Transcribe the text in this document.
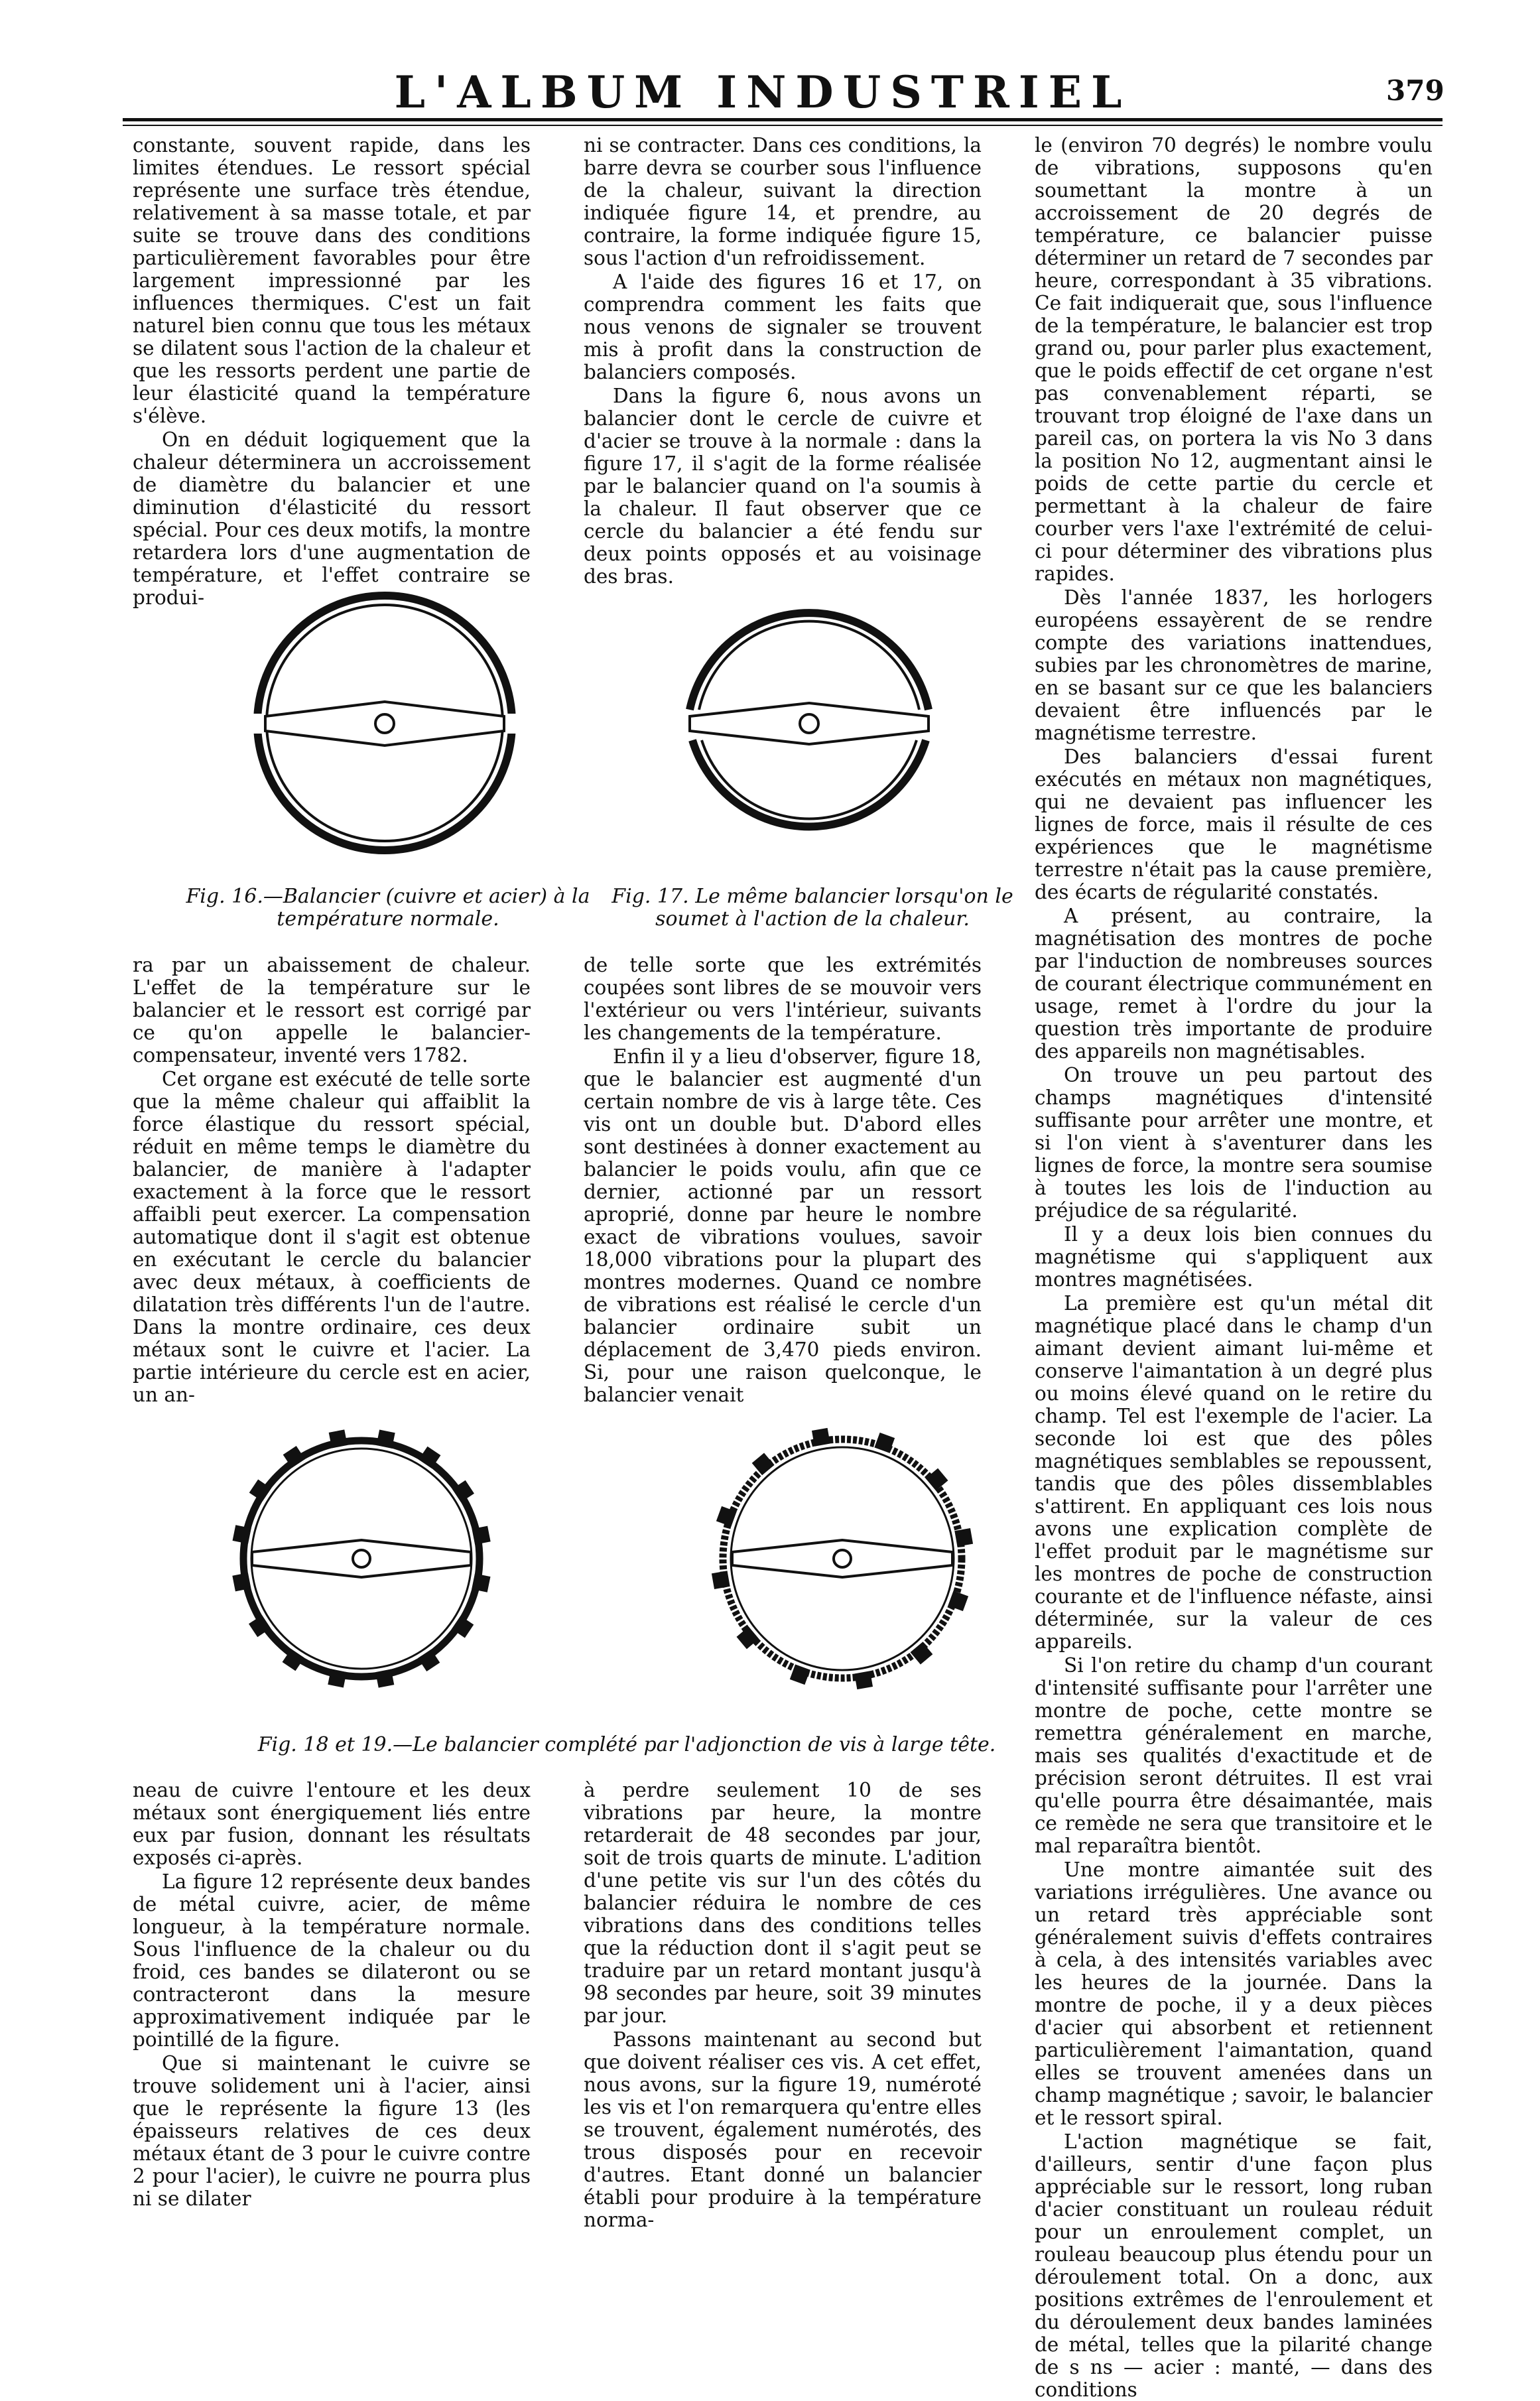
L'ALBUM INDUSTRIEL	379

constante, souvent rapide, dans les limites étendues. Le ressort spécial représente une surface très étendue, relativement à sa masse totale, et par suite se trouve dans des conditions particulièrement favorables pour être largement impressionné par les influences thermiques. C'est un fait naturel bien connu que tous les métaux se dilatent sous l'action de la chaleur et que les ressorts perdent une partie de leur élasticité quand la température s'élève.

On en déduit logiquement que la chaleur déterminera un accroissement de diamètre du balancier et une diminution d'élasticité du ressort spécial. Pour ces deux motifs, la montre retardera lors d'une augmentation de température, et l'effet contraire se produi-

ni se contracter. Dans ces conditions, la barre devra se courber sous l'influence de la chaleur, suivant la direction indiquée figure 14, et prendre, au contraire, la forme indiquée figure 15, sous l'action d'un refroidissement.

A l'aide des figures 16 et 17, on comprendra comment les faits que nous venons de signaler se trouvent mis à profit dans la construction de balanciers composés.

Dans la figure 6, nous avons un balancier dont le cercle de cuivre et d'acier se trouve à la normale : dans la figure 17, il s'agit de la forme réalisée par le balancier quand on l'a soumis à la chaleur. Il faut observer que ce cercle du balancier a été fendu sur deux points opposés et au voisinage des bras.

Fig. 16.—Balancier (cuivre et acier) à la température normale.
Fig. 17. Le même balancier lorsqu'on le soumet à l'action de la chaleur.

ra par un abaissement de chaleur. L'effet de la température sur le balancier et le ressort est corrigé par ce qu'on appelle le balancier-compensateur, inventé vers 1782.

Cet organe est exécuté de telle sorte que la même chaleur qui affaiblit la force élastique du ressort spécial, réduit en même temps le diamètre du balancier, de manière à l'adapter exactement à la force que le ressort affaibli peut exercer. La compensation automatique dont il s'agit est obtenue en exécutant le cercle du balancier avec deux métaux, à coefficients de dilatation très différents l'un de l'autre. Dans la montre ordinaire, ces deux métaux sont le cuivre et l'acier. La partie intérieure du cercle est en acier, un an-

de telle sorte que les extrémités coupées sont libres de se mouvoir vers l'extérieur ou vers l'intérieur, suivants les changements de la température.

Enfin il y a lieu d'observer, figure 18, que le balancier est augmenté d'un certain nombre de vis à large tête. Ces vis ont un double but. D'abord elles sont destinées à donner exactement au balancier le poids voulu, afin que ce dernier, actionné par un ressort aproprié, donne par heure le nombre exact de vibrations voulues, savoir 18,000 vibrations pour la plupart des montres modernes. Quand ce nombre de vibrations est réalisé le cercle d'un balancier ordinaire subit un déplacement de 3,470 pieds environ. Si, pour une raison quelconque, le balancier venait

Fig. 18 et 19.—Le balancier complété par l'adjonction de vis à large tête.

neau de cuivre l'entoure et les deux métaux sont énergiquement liés entre eux par fusion, donnant les résultats exposés ci-après.

La figure 12 représente deux bandes de métal cuivre, acier, de même longueur, à la température normale. Sous l'influence de la chaleur ou du froid, ces bandes se dilateront ou se contracteront dans la mesure approximativement indiquée par le pointillé de la figure.

Que si maintenant le cuivre se trouve solidement uni à l'acier, ainsi que le représente la figure 13 (les épaisseurs relatives de ces deux métaux étant de 3 pour le cuivre contre 2 pour l'acier), le cuivre ne pourra plus ni se dilater

à perdre seulement 10 de ses vibrations par heure, la montre retarderait de 48 secondes par jour, soit de trois quarts de minute. L'adition d'une petite vis sur l'un des côtés du balancier réduira le nombre de ces vibrations dans des conditions telles que la réduction dont il s'agit peut se traduire par un retard montant jusqu'à 98 secondes par heure, soit 39 minutes par jour.

Passons maintenant au second but que doivent réaliser ces vis. A cet effet, nous avons, sur la figure 19, numéroté les vis et l'on remarquera qu'entre elles se trouvent, également numérotés, des trous disposés pour en recevoir d'autres. Etant donné un balancier établi pour produire à la température norma-

le (environ 70 degrés) le nombre voulu de vibrations, supposons qu'en soumettant la montre à un accroissement de 20 degrés de température, ce balancier puisse déterminer un retard de 7 secondes par heure, correspondant à 35 vibrations. Ce fait indiquerait que, sous l'influence de la température, le balancier est trop grand ou, pour parler plus exactement, que le poids effectif de cet organe n'est pas convenablement réparti, se trouvant trop éloigné de l'axe dans un pareil cas, on portera la vis No 3 dans la position No 12, augmentant ainsi le poids de cette partie du cercle et permettant à la chaleur de faire courber vers l'axe l'extrémité de celui-ci pour déterminer des vibrations plus rapides.

Dès l'année 1837, les horlogers européens essayèrent de se rendre compte des variations inattendues, subies par les chronomètres de marine, en se basant sur ce que les balanciers devaient être influencés par le magnétisme terrestre.

Des balanciers d'essai furent exécutés en métaux non magnétiques, qui ne devaient pas influencer les lignes de force, mais il résulte de ces expériences que le magnétisme terrestre n'était pas la cause première, des écarts de régularité constatés.

A présent, au contraire, la magnétisation des montres de poche par l'induction de nombreuses sources de courant électrique communément en usage, remet à l'ordre du jour la question très importante de produire des appareils non magnétisables.

On trouve un peu partout des champs magnétiques d'intensité suffisante pour arrêter une montre, et si l'on vient à s'aventurer dans les lignes de force, la montre sera soumise à toutes les lois de l'induction au préjudice de sa régularité.

Il y a deux lois bien connues du magnétisme qui s'appliquent aux montres magnétisées.

La première est qu'un métal dit magnétique placé dans le champ d'un aimant devient aimant lui-même et conserve l'aimantation à un degré plus ou moins élevé quand on le retire du champ. Tel est l'exemple de l'acier. La seconde loi est que des pôles magnétiques semblables se repoussent, tandis que des pôles dissemblables s'attirent. En appliquant ces lois nous avons une explication complète de l'effet produit par le magnétisme sur les montres de poche de construction courante et de l'influence néfaste, ainsi déterminée, sur la valeur de ces appareils.

Si l'on retire du champ d'un courant d'intensité suffisante pour l'arrêter une montre de poche, cette montre se remettra généralement en marche, mais ses qualités d'exactitude et de précision seront détruites. Il est vrai qu'elle pourra être désaimantée, mais ce remède ne sera que transitoire et le mal reparaîtra bientôt.

Une montre aimantée suit des variations irrégulières. Une avance ou un retard très appréciable sont généralement suivis d'effets contraires à cela, à des intensités variables avec les heures de la journée. Dans la montre de poche, il y a deux pièces d'acier qui absorbent et retiennent particulièrement l'aimantation, quand elles se trouvent amenées dans un champ magnétique ; savoir, le balancier et le ressort spiral.

L'action magnétique se fait, d'ailleurs, sentir d'une façon plus appréciable sur le ressort, long ruban d'acier constituant un rouleau réduit pour un enroulement complet, un rouleau beaucoup plus étendu pour un déroulement total. On a donc, aux positions extrêmes de l'enroulement et du déroulement deux bandes laminées de métal, telles que la pilarité change de s ns — acier : manté, — dans des conditions
